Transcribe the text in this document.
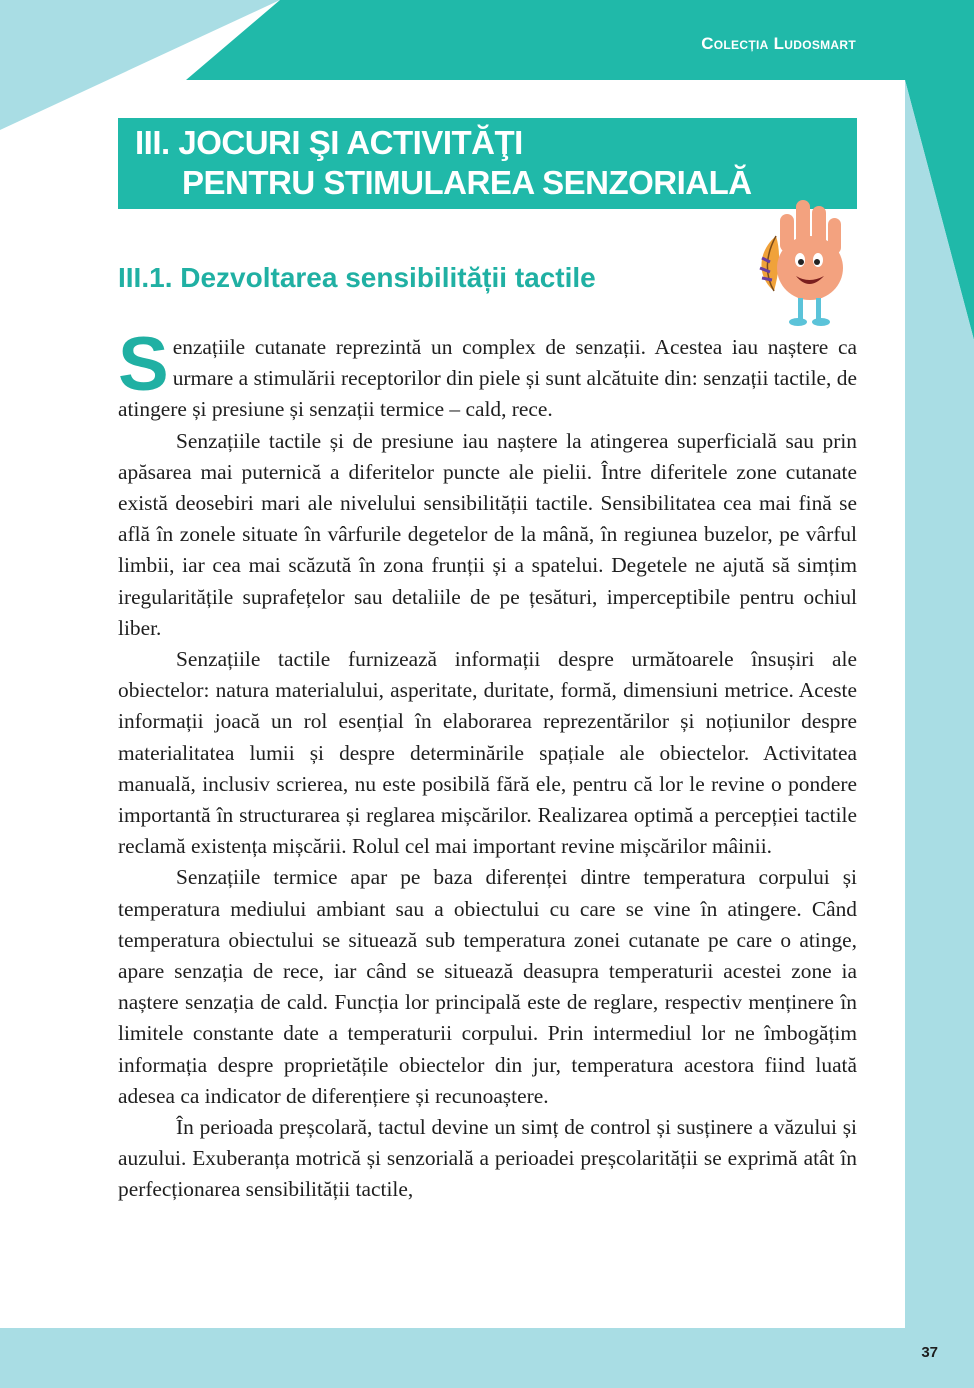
Colecția Ludosmart
III. JOCURI ŞI ACTIVITĂŢI
PENTRU STIMULAREA SENZORIALĂ
III.1. Dezvoltarea sensibilității tactile

Senzațiile cutanate reprezintă un complex de senzații. Acestea iau naștere ca urmare a stimulării receptorilor din piele și sunt alcătuite din: senzații tactile, de atingere și presiune și senzații termice – cald, rece.

Senzațiile tactile și de presiune iau naștere la atingerea superficială sau prin apăsarea mai puternică a diferitelor puncte ale pielii. Între diferitele zone cutanate există deosebiri mari ale nivelului sensibilității tactile. Sensibilitatea cea mai fină se află în zonele situate în vârfurile degetelor de la mână, în regiunea buzelor, pe vârful limbii, iar cea mai scăzută în zona frunții și a spatelui. Degetele ne ajută să simțim iregularitățile suprafețelor sau detaliile de pe țesături, imperceptibile pentru ochiul liber.

Senzațiile tactile furnizează informații despre următoarele însușiri ale obiectelor: natura materialului, asperitate, duritate, formă, dimensiuni metrice. Aceste informații joacă un rol esențial în elaborarea reprezentărilor și noțiunilor despre materialitatea lumii și despre determinările spațiale ale obiectelor. Activitatea manuală, inclusiv scrierea, nu este posibilă fără ele, pentru că lor le revine o pondere importantă în structurarea și reglarea mișcărilor. Realizarea optimă a percepției tactile reclamă existența mișcării. Rolul cel mai important revine mișcărilor mâinii.

Senzațiile termice apar pe baza diferenței dintre temperatura corpului și temperatura mediului ambiant sau a obiectului cu care se vine în atingere. Când temperatura obiectului se situează sub temperatura zonei cutanate pe care o atinge, apare senzația de rece, iar când se situează deasupra temperaturii acestei zone ia naștere senzația de cald. Funcția lor principală este de reglare, respectiv menținere în limitele constante date a temperaturii corpului. Prin intermediul lor ne îmbogățim informația despre proprietățile obiectelor din jur, temperatura acestora fiind luată adesea ca indicator de diferențiere și recunoaștere.

În perioada preșcolară, tactul devine un simț de control și susținere a văzului și auzului. Exuberanța motrică și senzorială a perioadei preșcolarității se exprimă atât în perfecționarea sensibilității tactile,

37
